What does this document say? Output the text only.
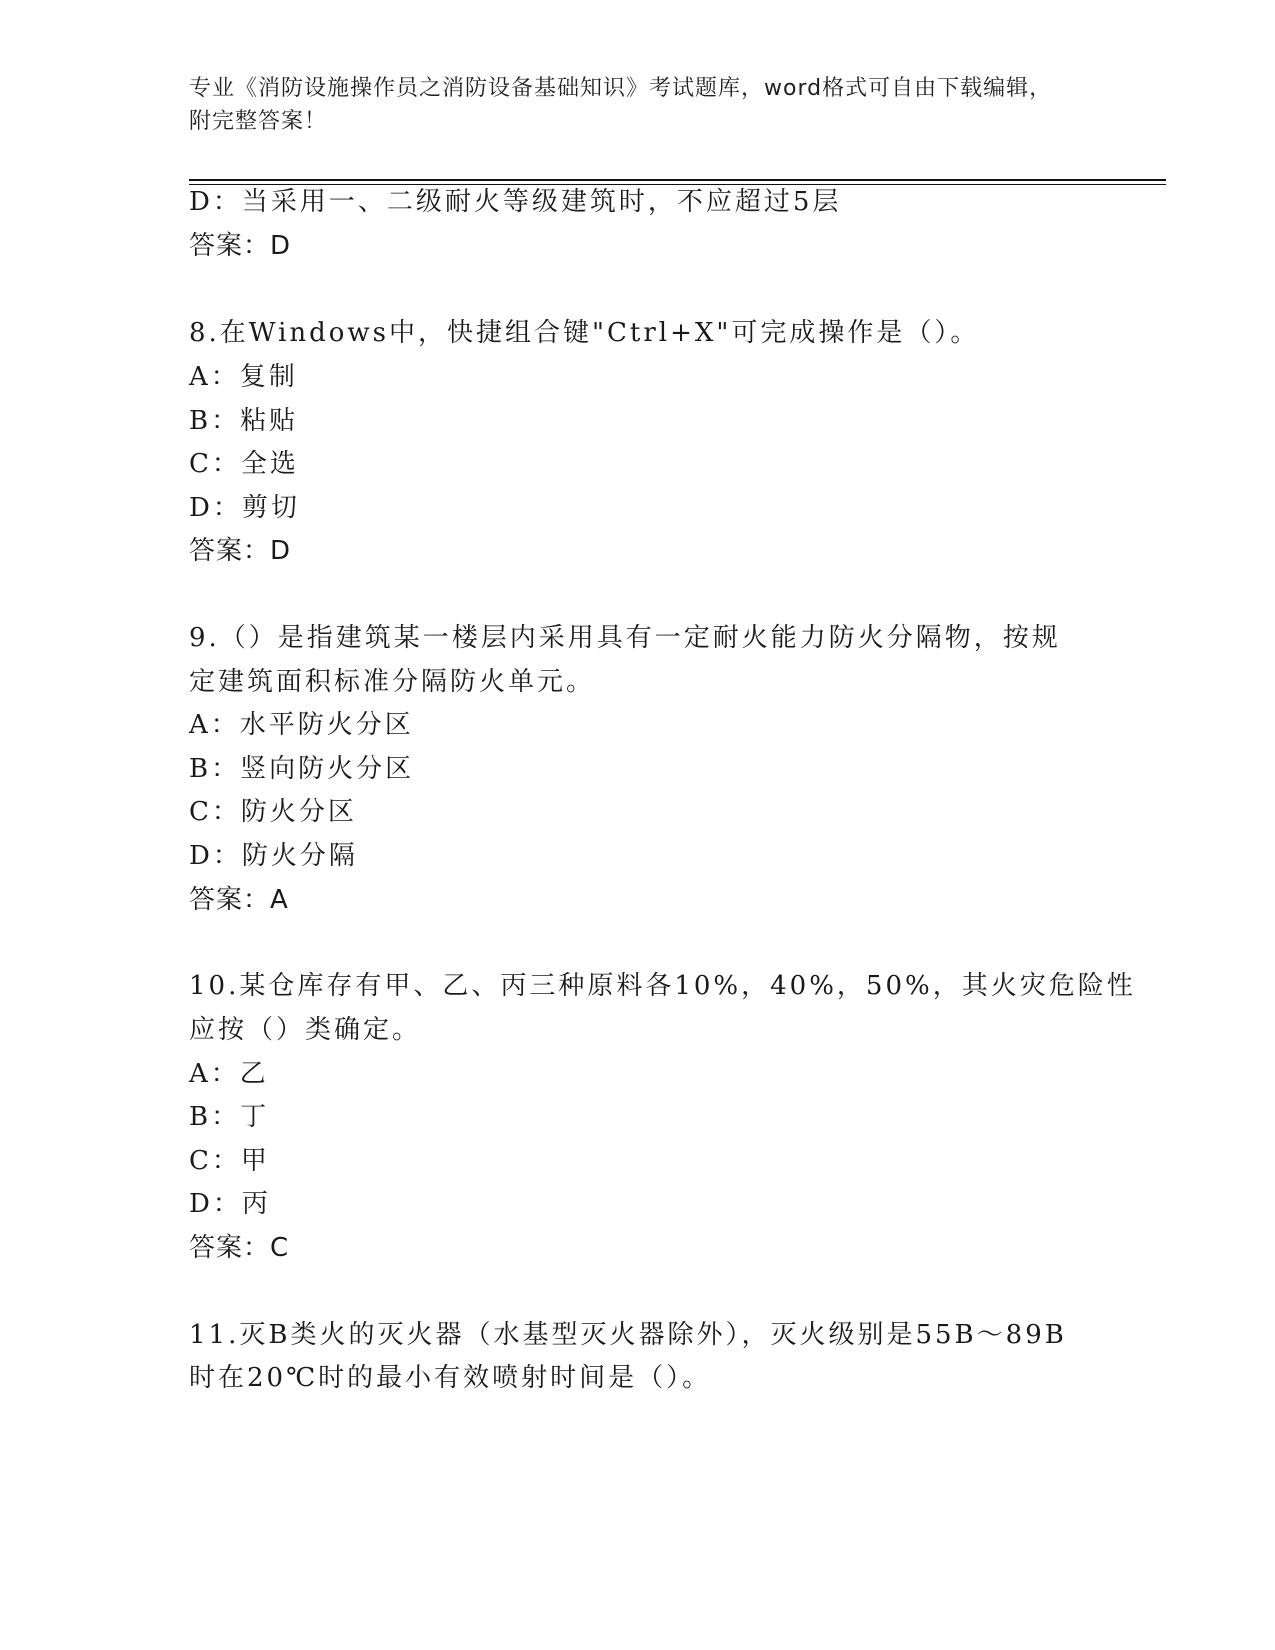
专业《消防设施操作员之消防设备基础知识》考试题库，word格式可自由下载编辑，附完整答案！
D：当采用一、二级耐火等级建筑时，不应超过5层
答案：D
8.在Windows中，快捷组合键"Ctrl+X"可完成操作是（）。
A：复制
B：粘贴
C：全选
D：剪切
答案：D
9.（）是指建筑某一楼层内采用具有一定耐火能力防火分隔物，按规
定建筑面积标准分隔防火单元。
A：水平防火分区
B：竖向防火分区
C：防火分区
D：防火分隔
答案：A
10.某仓库存有甲、乙、丙三种原料各10%，40%，50%，其火灾危险性
应按（）类确定。
A：乙
B：丁
C：甲
D：丙
答案：C
11.灭B类火的灭火器（水基型灭火器除外），灭火级别是55B～89B
时在20℃时的最小有效喷射时间是（）。
